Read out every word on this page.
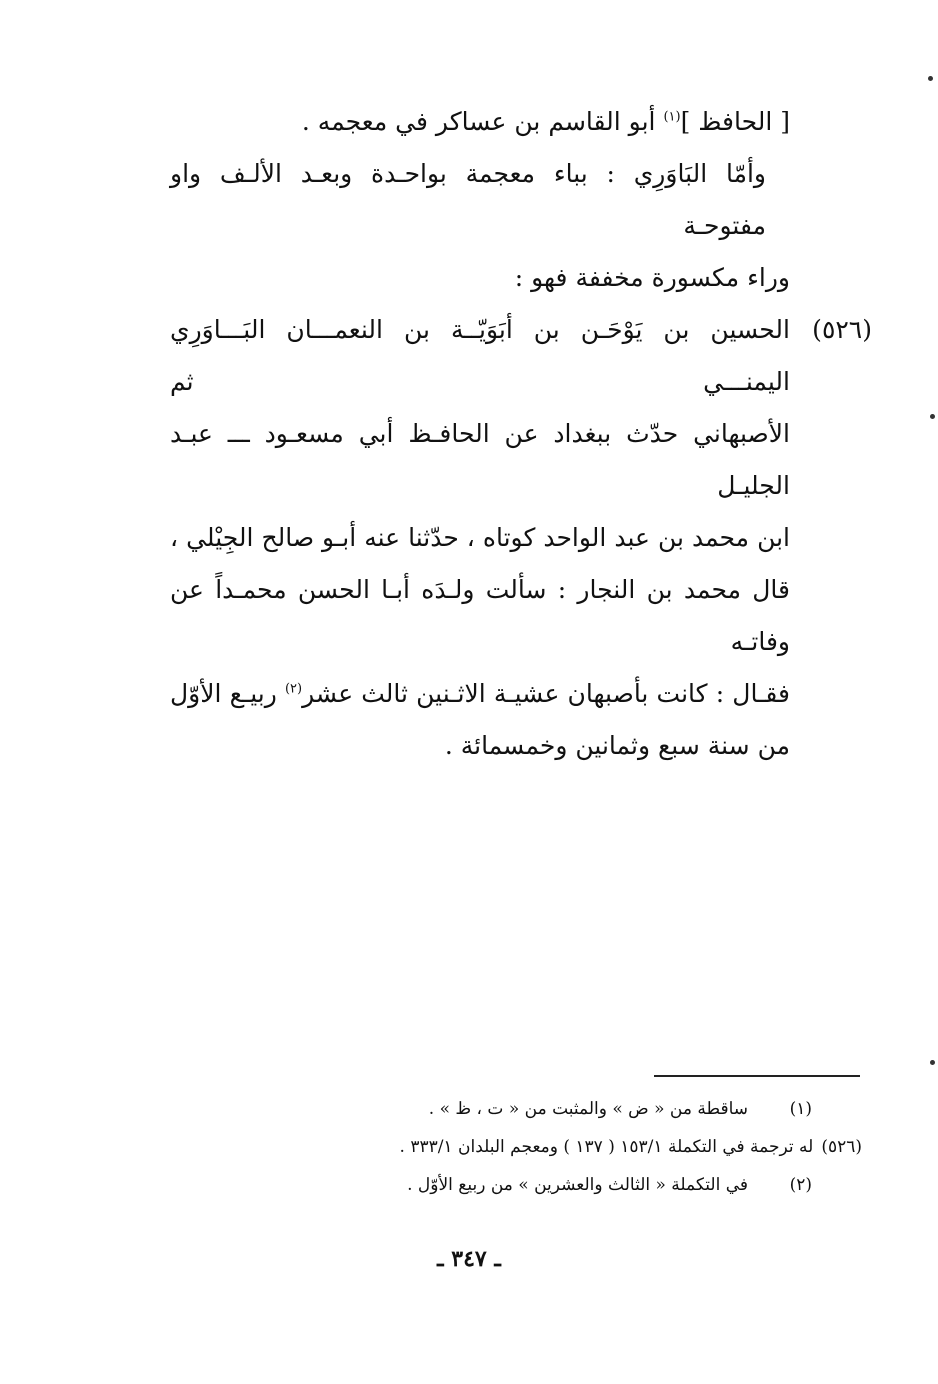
[ الحافظ ]$^{(١)}$ أبو القاسم بن عساكر في معجمه .

وأمّا البَاوَرِي : بباء معجمة بواحـدة وبعـد الألـف واو مفتوحـة
وراء مكسورة مخففة فهو :

(٥٢٦)
الحسين بن يَوْحَـن بن أبَوَيّــة بن النعمـــان البَـــاوَرِي اليمنـــي ثم
الأصبهاني حدّث ببغداد عن الحافـظ أبي مسعـود ـــ عبـد الجليـل
ابن محمد بن عبد الواحد كوتاه ، حدّثنا عنه أبـو صالح الجِيْلي ،
قال محمد بن النجار : سألت ولـدَه أبـا الحسن محمـداً عن وفاتـه
فقـال : كانت بأصبهان عشيـة الاثـنين ثالث عشر$^{(٢)}$ ربيـع الأوّل
من سنة سبع وثمانين وخمسمائة .
(١)ساقطة من « ض » والمثبت من « ت ، ظ » .
(٥٢٦)له ترجمة في التكملة ١٥٣/١ ( ١٣٧ ) ومعجم البلدان ٣٣٣/١ .
(٢)في التكملة « الثالث والعشرين » من ربيع الأوّل .
ـ ٣٤٧ ـ
